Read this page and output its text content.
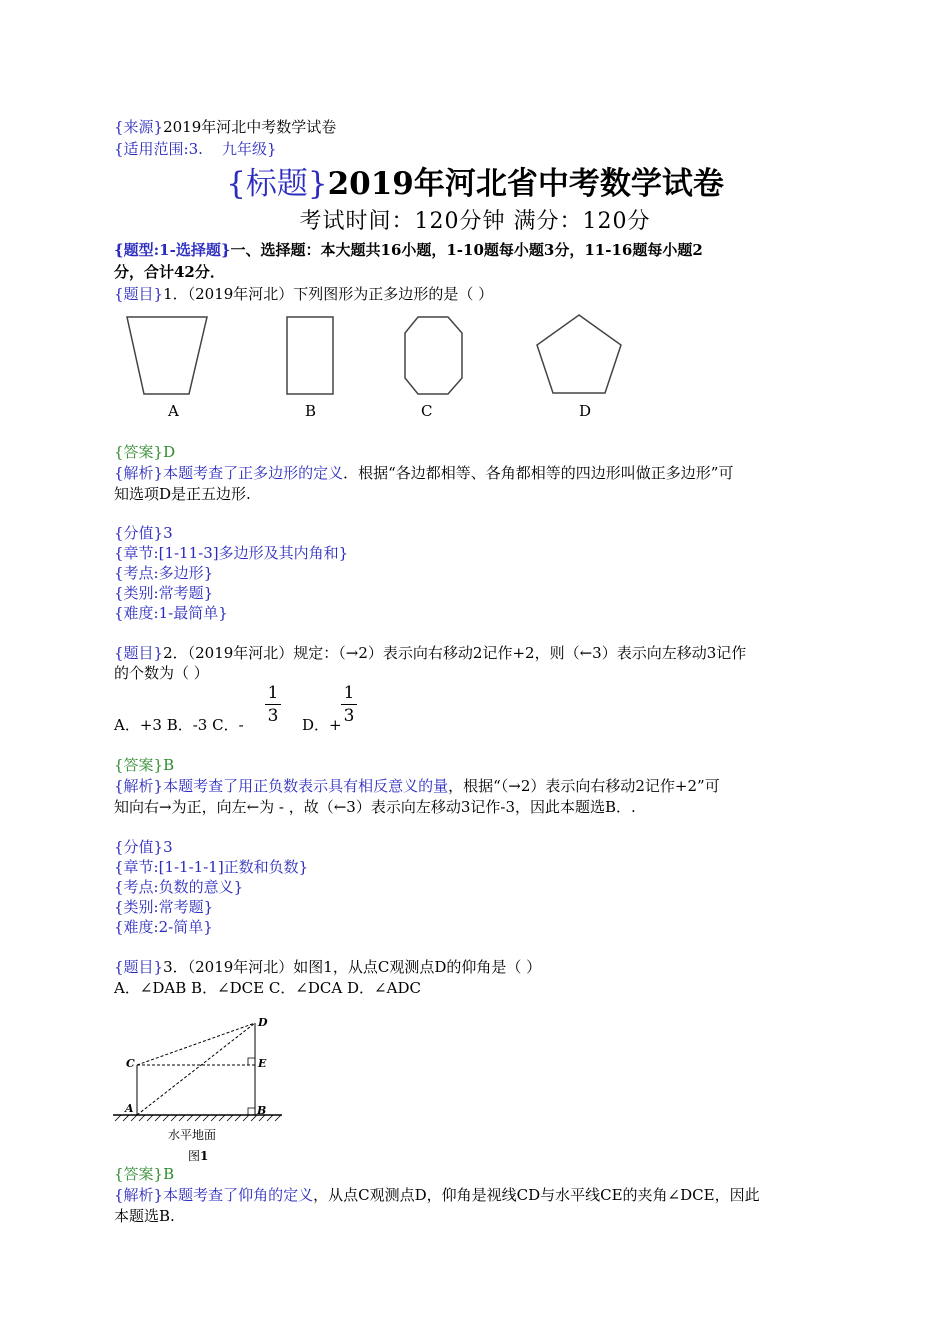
{来源}2019年河北中考数学试卷
{适用范围:3. 九年级}
{标题}2019年河北省中考数学试卷
考试时间：120分钟 满分：120分
{题型:1-选择题}一、选择题：本大题共16小题，1-10题每小题3分，11-16题每小题2
分，合计42分．
{题目}1．（2019年河北）下列图形为正多边形的是（ ）
A	B	C	D
{答案}D
{解析}本题考查了正多边形的定义．根据“各边都相等、各角都相等的四边形叫做正多边形”可
知选项D是正五边形.
{分值}3
{章节:[1-11-3]多边形及其内角和}
{考点:多边形}
{类别:常考题}
{难度:1-最简单}
{题目}2．（2019年河北）规定：（→2）表示向右移动2记作+2，则（←3）表示向左移动3记作
的个数为（ ）
A．+3 B．-3 C．-
1
3 D．+
1
3
{答案}B
{解析}本题考查了用正负数表示具有相反意义的量，根据“（→2）表示向右移动2记作+2”可
知向右→为正，向左←为 - ，故（←3）表示向左移动3记作-3，因此本题选B．.
{分值}3
{章节:[1-1-1-1]正数和负数}
{考点:负数的意义}
{类别:常考题}
{难度:2-简单}
{题目}3．（2019年河北）如图1，从点C观测点D的仰角是（ ）
A．∠DAB B．∠DCE C．∠DCA D．∠ADC
D
C	E
A	B
水平地面
图1
{答案}B
{解析}本题考查了仰角的定义，从点C观测点D，仰角是视线CD与水平线CE的夹角∠DCE，因此
本题选B.
